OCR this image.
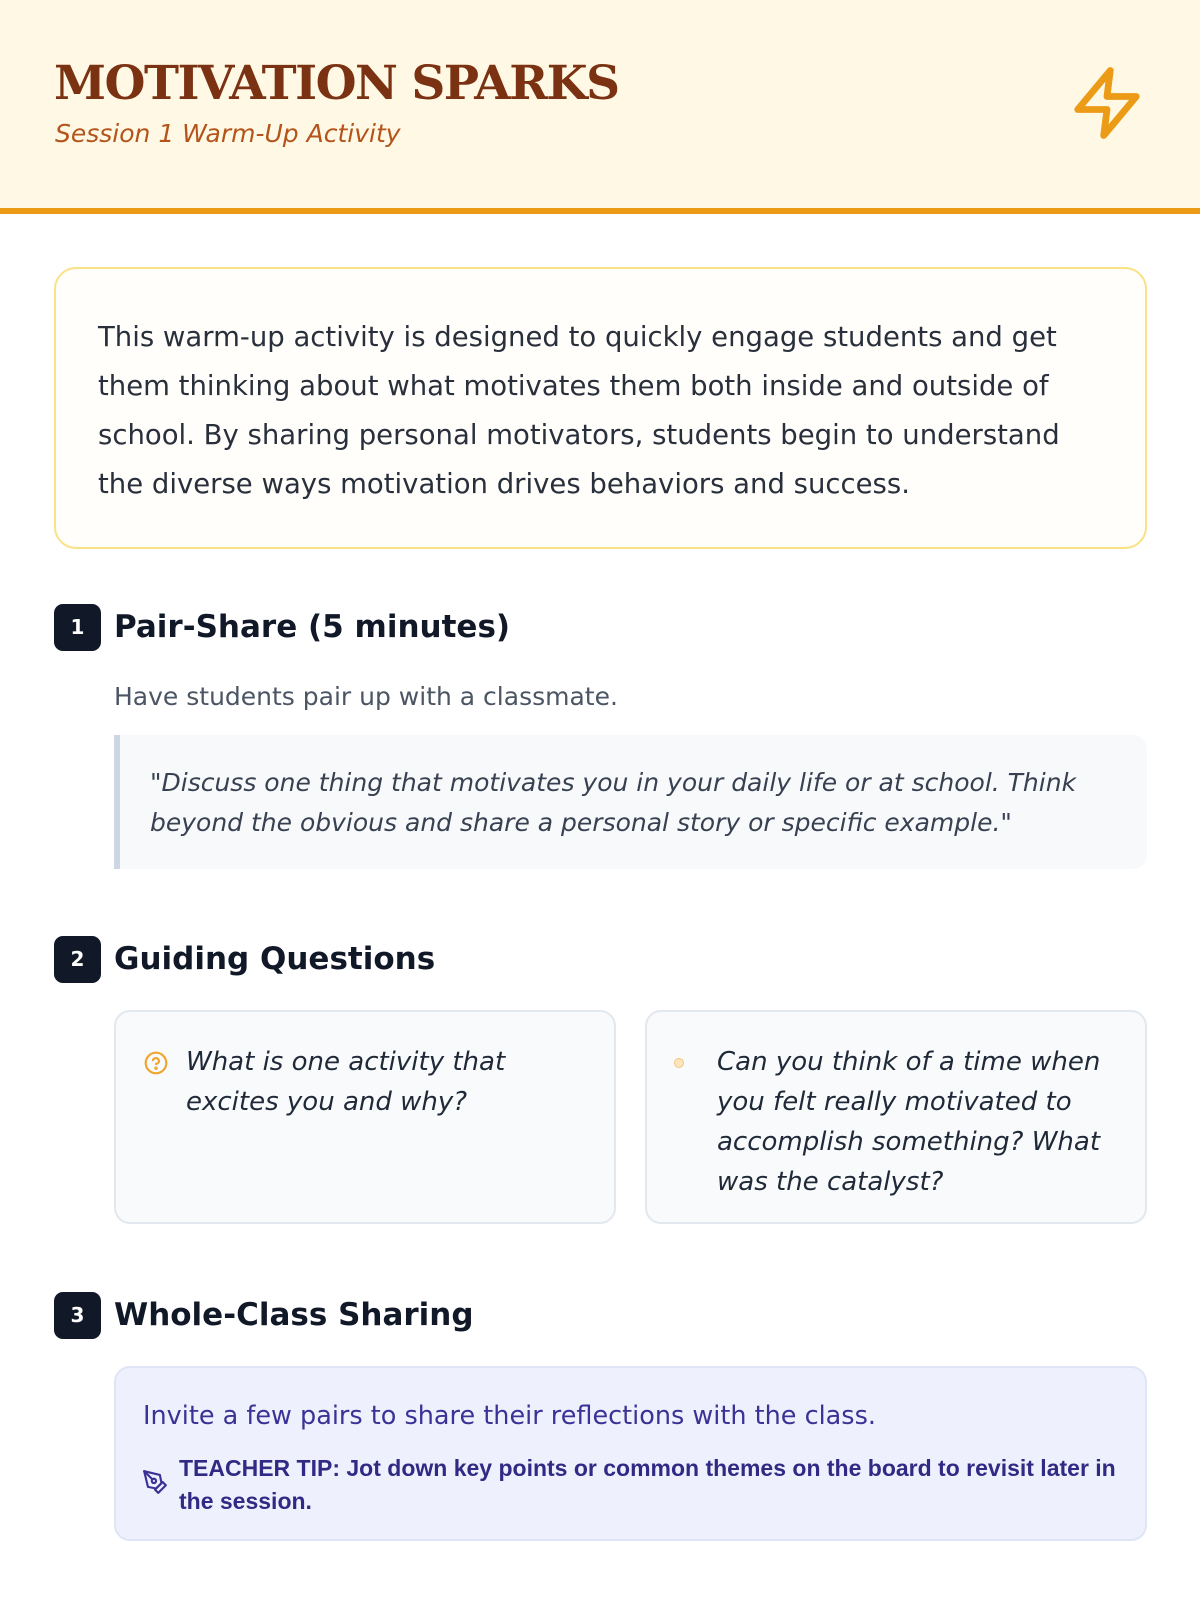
MOTIVATION SPARKS
Session 1 Warm-Up Activity

This warm-up activity is designed to quickly engage students and get them thinking about what motivates them both inside and outside of school. By sharing personal motivators, students begin to understand the diverse ways motivation drives behaviors and success.

1 Pair-Share (5 minutes)
Have students pair up with a classmate.

"Discuss one thing that motivates you in your daily life or at school. Think beyond the obvious and share a personal story or specific example."

2 Guiding Questions

What is one activity that excites you and why?

Can you think of a time when you felt really motivated to accomplish something? What was the catalyst?

3 Whole-Class Sharing
Invite a few pairs to share their reflections with the class.
TEACHER TIP: Jot down key points or common themes on the board to revisit later in the session.
